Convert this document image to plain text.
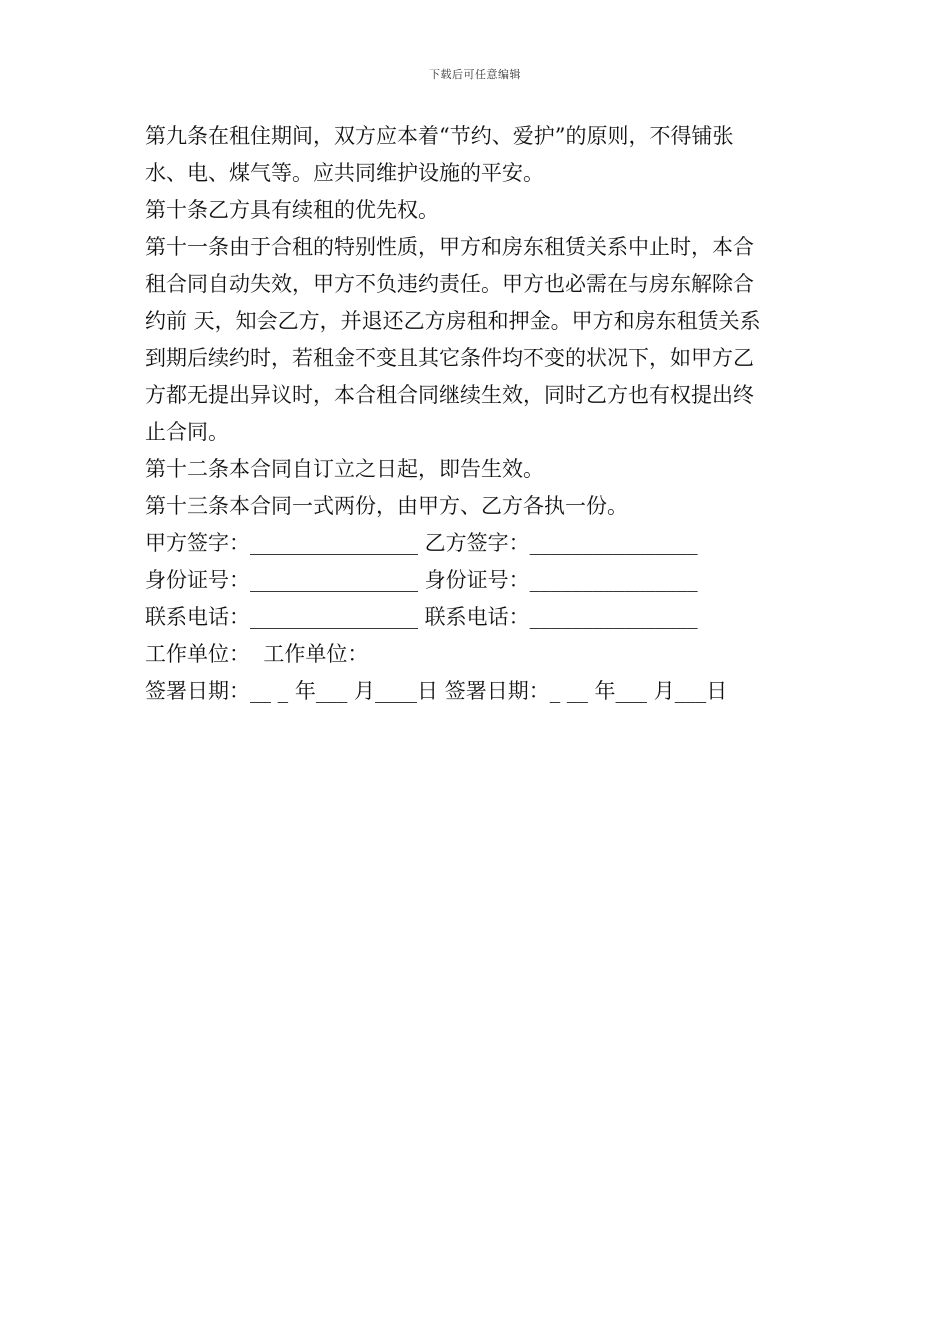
下载后可任意编辑
第九条在租住期间，双方应本着“节约、爱护”的原则，不得铺张
水、电、煤气等。应共同维护设施的平安。
第十条乙方具有续租的优先权。
第十一条由于合租的特别性质，甲方和房东租赁关系中止时，本合
租合同自动失效，甲方不负违约责任。甲方也必需在与房东解除合
约前 天，知会乙方，并退还乙方房租和押金。甲方和房东租赁关系
到期后续约时，若租金不变且其它条件均不变的状况下，如甲方乙
方都无提出异议时，本合租合同继续生效，同时乙方也有权提出终
止合同。
第十二条本合同自订立之日起，即告生效。
第十三条本合同一式两份，由甲方、乙方各执一份。
甲方签字：________________ 乙方签字：________________
身份证号：________________ 身份证号：________________
联系电话：________________ 联系电话：________________
工作单位：  工作单位：
签署日期：__ _ 年___ 月____日 签署日期：_ __ 年___ 月___日
